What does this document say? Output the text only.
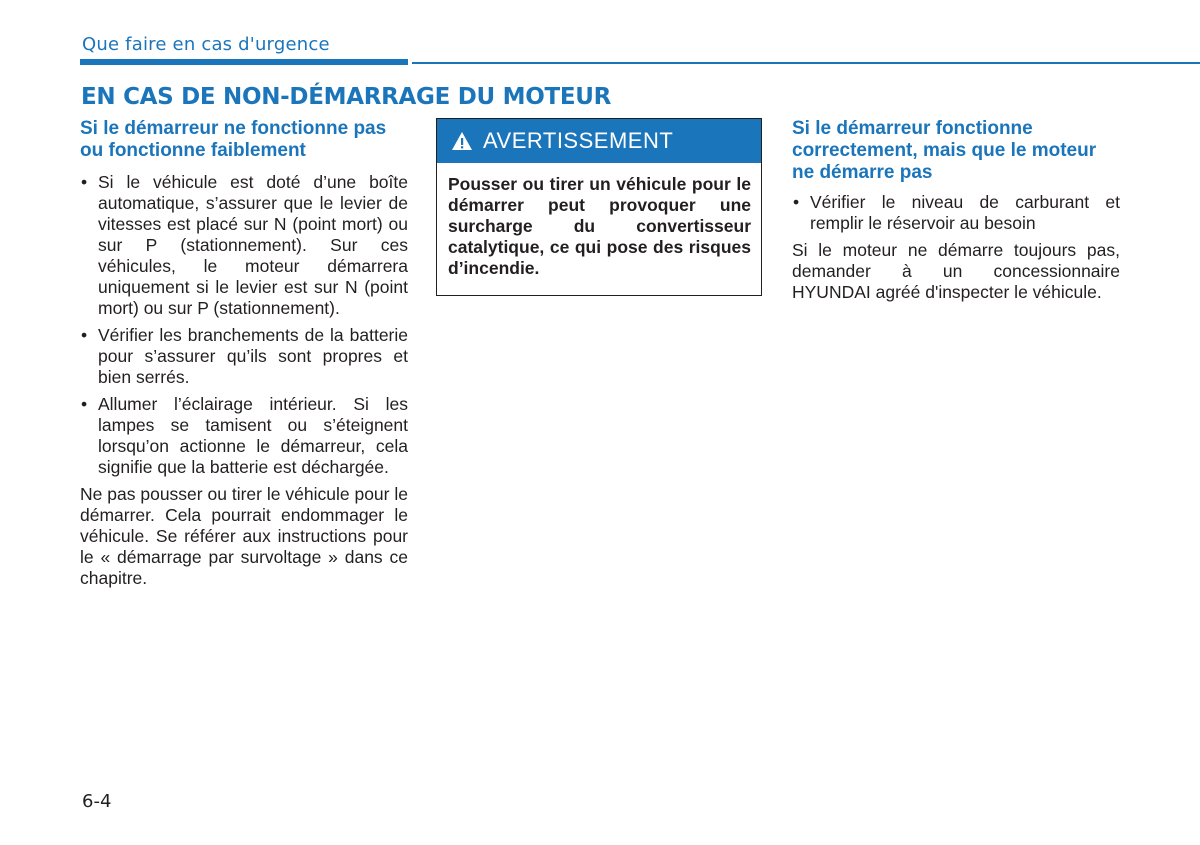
Que faire en cas d'urgence
EN CAS DE NON-DÉMARRAGE DU MOTEUR
Si le démarreur ne fonctionne pas ou fonctionne faiblement
• Si le véhicule est doté d’une boîte automatique, s’assurer que le levier de vitesses est placé sur N (point mort) ou sur P (stationnement). Sur ces véhicules, le moteur démarrera uniquement si le levier est sur N (point mort) ou sur P (stationnement).
• Vérifier les branchements de la batterie pour s’assurer qu’ils sont propres et bien serrés.
• Allumer l’éclairage intérieur. Si les lampes se tamisent ou s’éteignent lorsqu’on actionne le démarreur, cela signifie que la batterie est déchargée.

Ne pas pousser ou tirer le véhicule pour le démarrer. Cela pourrait endommager le véhicule. Se référer aux instructions pour le « démarrage par survoltage » dans ce chapitre.

AVERTISSEMENT
Pousser ou tirer un véhicule pour le démarrer peut provoquer une surcharge du convertisseur catalytique, ce qui pose des risques d’incendie.
Si le démarreur fonctionne correctement, mais que le moteur ne démarre pas
• Vérifier le niveau de carburant et remplir le réservoir au besoin

Si le moteur ne démarre toujours pas, demander à un concessionnaire HYUNDAI agréé d'inspecter le véhicule.

6-4
